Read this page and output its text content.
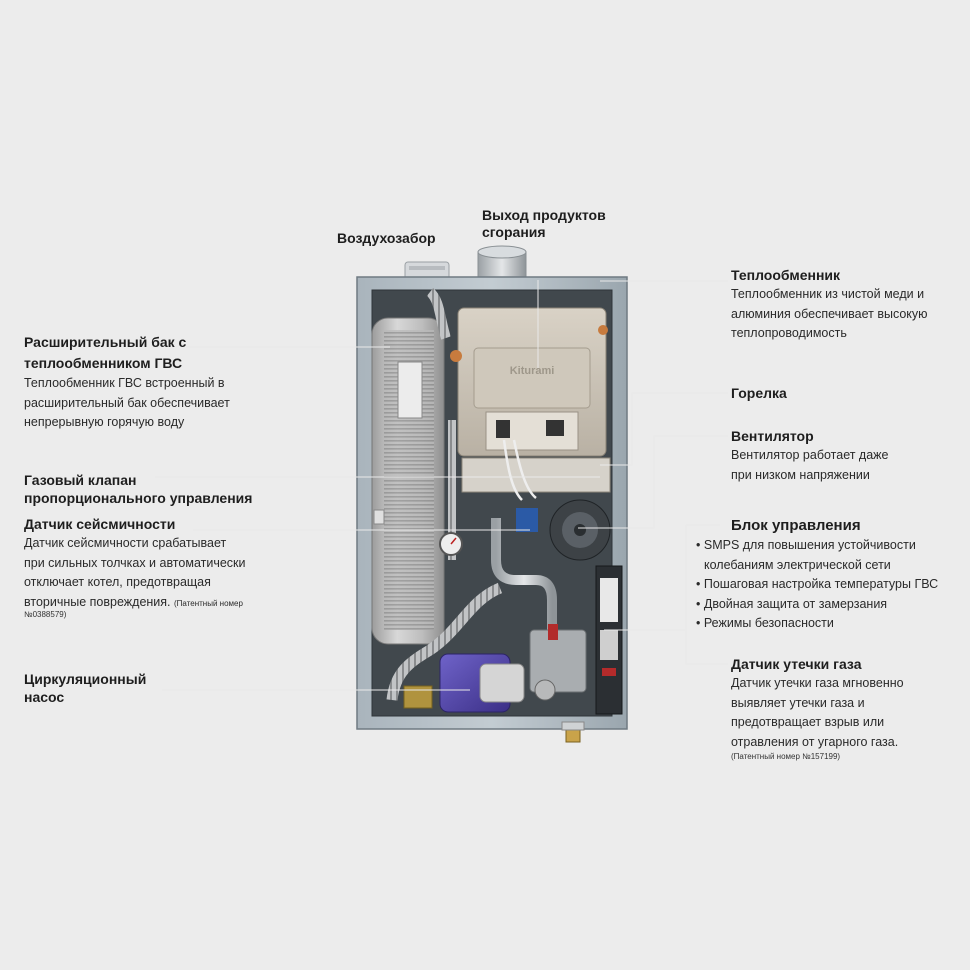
Kiturami
Воздухозабор
Выход продуктов сгорания
Расширительный бак с
теплообменником ГВС
Теплообменник ГВС встроенный в
расширительный бак обеспечивает
непрерывную горячую воду
Газовый клапан
пропорционального управления
Датчик сейсмичности
Датчик сейсмичности срабатывает
при сильных толчках и автоматически
отключает котел, предотвращая
вторичные повреждения. (Патентный номер
№0388579)
Циркуляционный
насос
Теплообменник
Теплообменник из чистой меди и
алюминия обеспечивает высокую
теплопроводимость
Горелка
Вентилятор
Вентилятор работает даже
при низком напряжении
Блок управления
• SMPS для повышения устойчивости
колебаниям электрической сети
• Пошаговая настройка температуры ГВС
• Двойная защита от замерзания
• Режимы безопасности
Датчик утечки газа
Датчик утечки газа мгновенно
выявляет утечки газа и
предотвращает взрыв или
отравления от угарного газа.
(Патентный номер №157199)
